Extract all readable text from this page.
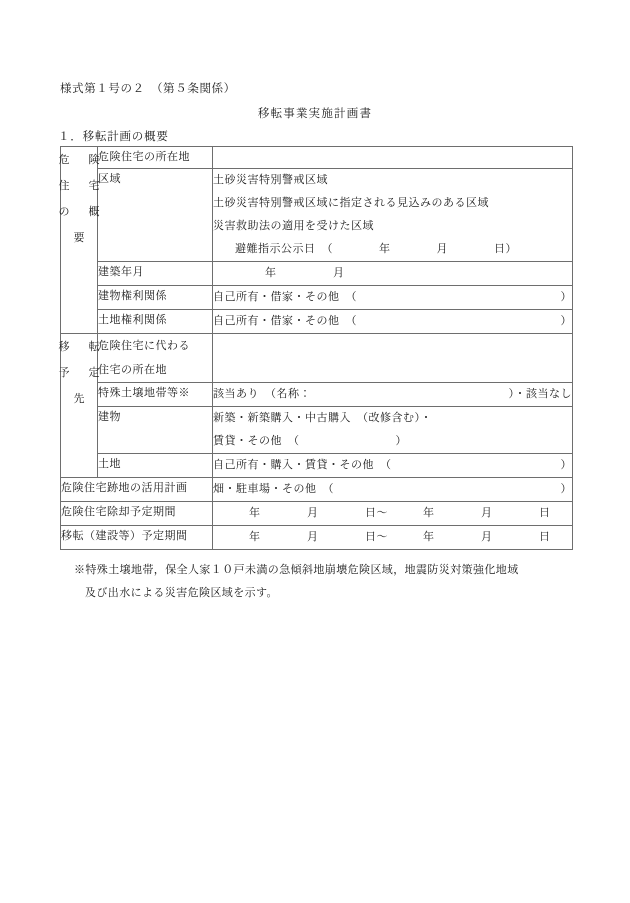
様式第１号の２　（第５条関係）
移転事業実施計画書
１．移転計画の概要
危　険
住　宅
の　概
要	危険住宅の所在地	
	区域	土砂災害特別警戒区域
土砂災害特別警戒区域に指定される見込みのある区域
災害救助法の適用を受けた区域

避難指示公示日　（ 年 月 日）

	建築年月	年 月

	建物権利関係	自己所有・借家・その他　（ ）

	土地権利関係	自己所有・借家・その他　（ ）

移　転
予　定
先	危険住宅に代わる
住宅の所在地	
	特殊土壌地帯等※	該当あり　（名称： ）・該当なし

	建物	新築・新築購入・中古購入　（改修含む）・
賃貸・その他　（ ）
	土地	自己所有・購入・賃貸・その他　（ ）

危険住宅跡地の活用計画		畑・駐車場・その他　（ ）

危険住宅除却予定期間		年 月 日～ 年 月 日

移転（建設等）予定期間		年 月 日～ 年 月 日
※特殊土壌地帯，保全人家１０戸未満の急傾斜地崩壊危険区域，地震防災対策強化地域
及び出水による災害危険区域を示す。
